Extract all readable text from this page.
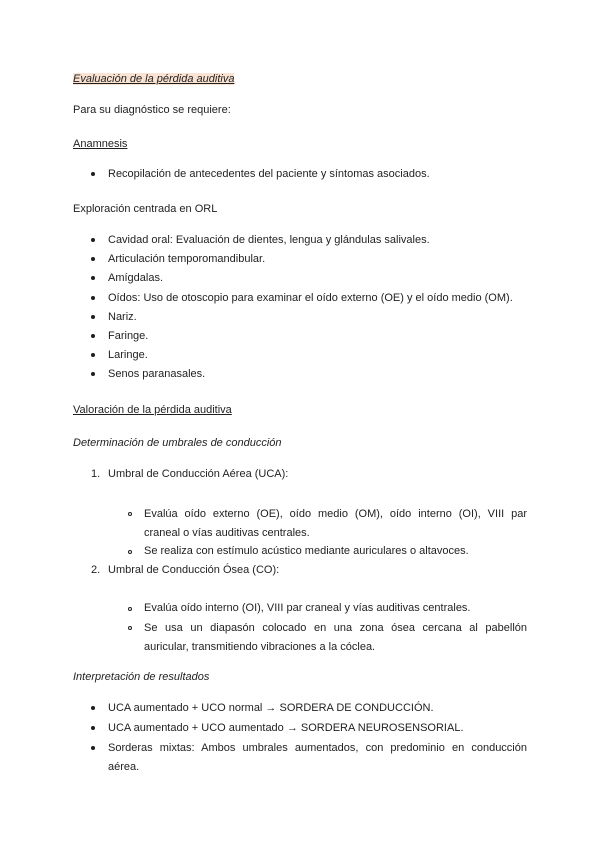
Evaluación de la pérdida auditiva
Para su diagnóstico se requiere:
Anamnesis
Recopilación de antecedentes del paciente y síntomas asociados.
Exploración centrada en ORL
Cavidad oral: Evaluación de dientes, lengua y glándulas salivales.
Articulación temporomandibular.
Amígdalas.
Oídos: Uso de otoscopio para examinar el oído externo (OE) y el oído medio (OM).
Nariz.
Faringe.
Laringe.
Senos paranasales.
Valoración de la pérdida auditiva
Determinación de umbrales de conducción
1. Umbral de Conducción Aérea (UCA):
Evalúa oído externo (OE), oído medio (OM), oído interno (OI), VIII par
craneal o vías auditivas centrales.
Se realiza con estímulo acústico mediante auriculares o altavoces.
2. Umbral de Conducción Ósea (CO):
Evalúa oído interno (OI), VIII par craneal y vías auditivas centrales.
Se usa un diapasón colocado en una zona ósea cercana al pabellón
auricular, transmitiendo vibraciones a la cóclea.
Interpretación de resultados
UCA aumentado + UCO normal → SORDERA DE CONDUCCIÓN.
UCA aumentado + UCO aumentado → SORDERA NEUROSENSORIAL.
Sorderas mixtas: Ambos umbrales aumentados, con predominio en conducción
aérea.
